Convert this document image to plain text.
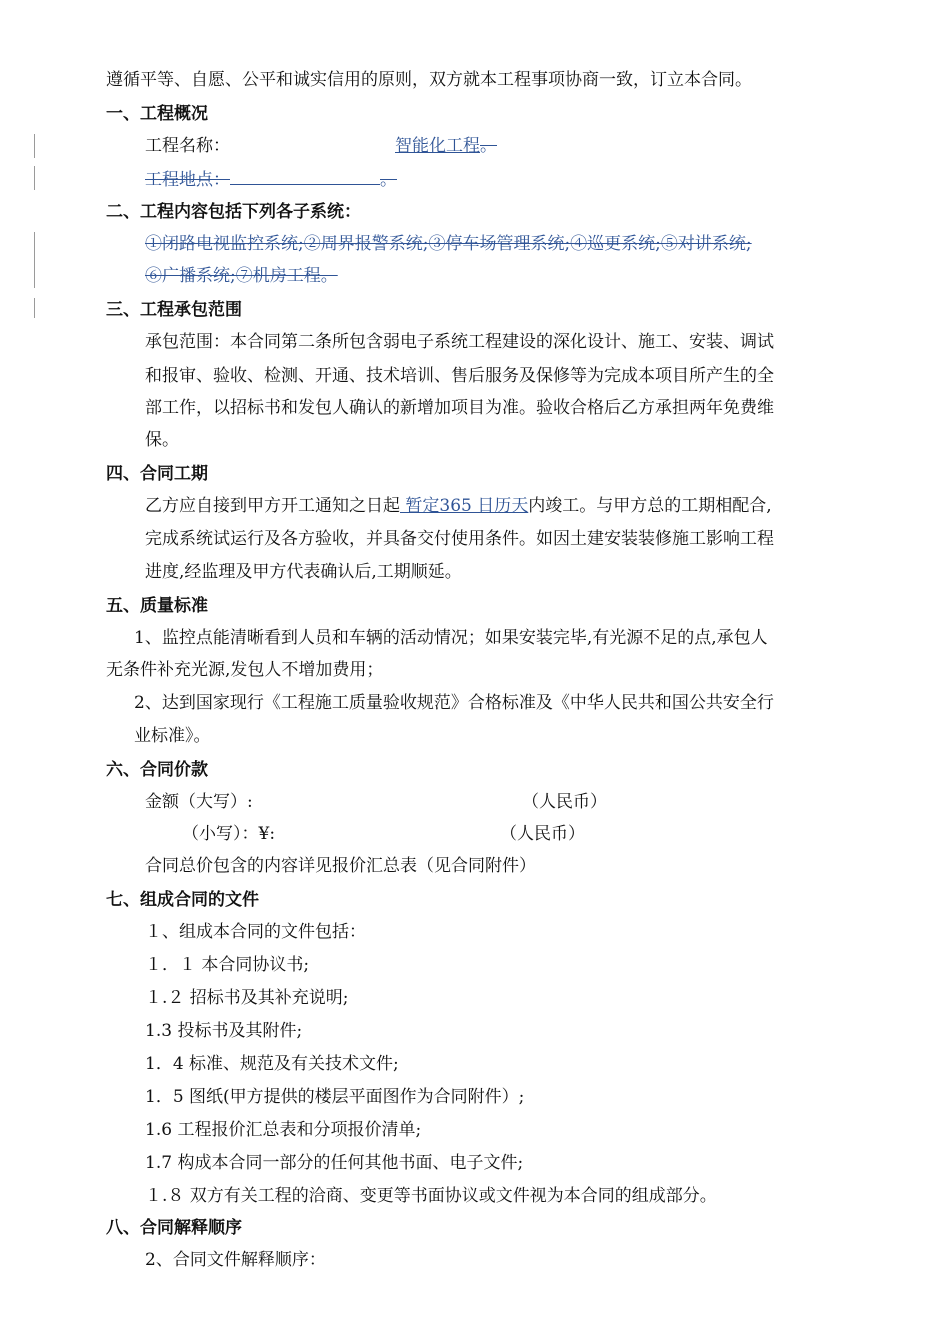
遵循平等、自愿、公平和诚实信用的原则，双方就本工程事项协商一致，订立本合同。
一、工程概况
工程名称：	智能化工程。
工程地点：	。
二、工程内容包括下列各子系统：
①闭路电视监控系统;②周界报警系统;③停车场管理系统;④巡更系统;⑤对讲系统;
⑥广播系统;⑦机房工程。
三、工程承包范围
承包范围：本合同第二条所包含弱电子系统工程建设的深化设计、施工、安装、调试
和报审、验收、检测、开通、技术培训、售后服务及保修等为完成本项目所产生的全
部工作，以招标书和发包人确认的新增加项目为准。验收合格后乙方承担两年免费维
保。
四、合同工期
乙方应自接到甲方开工通知之日起 暂定365 日历天内竣工。与甲方总的工期相配合,
完成系统试运行及各方验收，并具备交付使用条件。如因土建安装装修施工影响工程
进度,经监理及甲方代表确认后,工期顺延。
五、质量标准
1、监控点能清晰看到人员和车辆的活动情况；如果安装完毕,有光源不足的点,承包人
无条件补充光源,发包人不增加费用；
2、达到国家现行《工程施工质量验收规范》合格标准及《中华人民共和国公共安全行
业标准》。
六、合同价款
金额（大写）:	（人民币）
（小写）：¥:	（人民币）
合同总价包含的内容详见报价汇总表（见合同附件）
七、组成合同的文件
１、组成本合同的文件包括：
１．１ 本合同协议书;
１.２ 招标书及其补充说明;
1.3 投标书及其附件;
1．4 标准、规范及有关技术文件;
1．5 图纸(甲方提供的楼层平面图作为合同附件）;
1.6 工程报价汇总表和分项报价清单;
1.7 构成本合同一部分的任何其他书面、电子文件;
１.８ 双方有关工程的洽商、变更等书面协议或文件视为本合同的组成部分。
八、合同解释顺序
2、合同文件解释顺序：
